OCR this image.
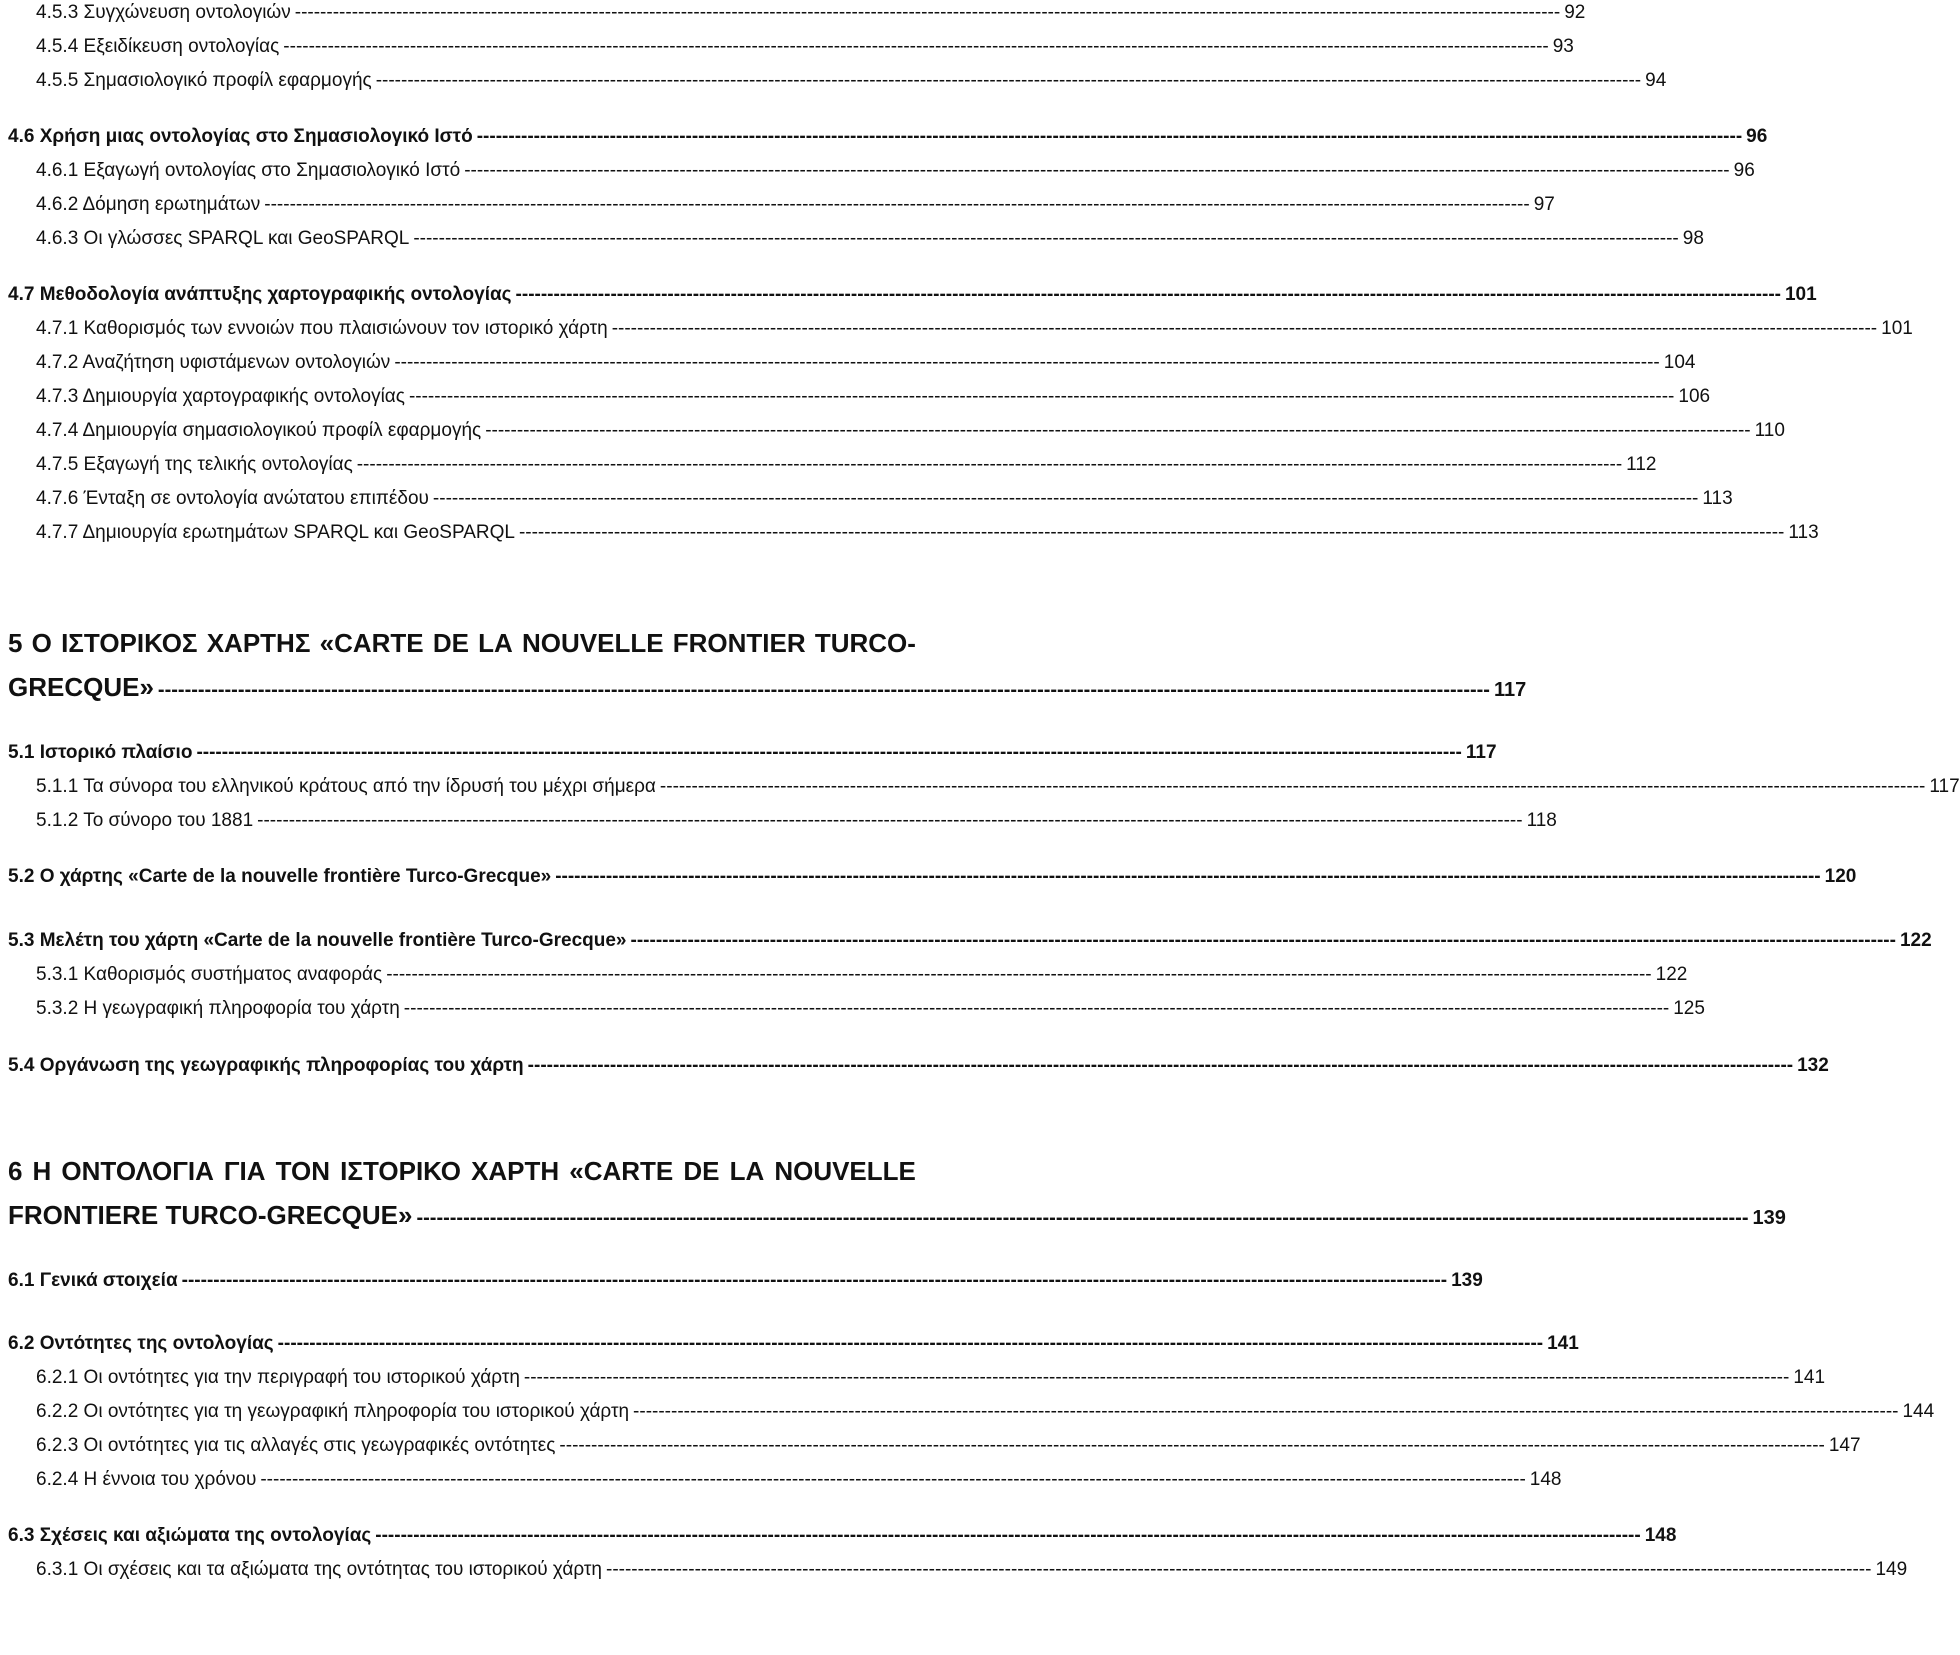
4.5.3 Συγχώνευση οντολογιών -------------------------------------------------------------------------------------------------------------------------------------------------------------------------------------------------------- 92
4.5.4 Εξειδίκευση οντολογίας -------------------------------------------------------------------------------------------------------------------------------------------------------------------------------------------------------- 93
4.5.5 Σημασιολογικό προφίλ εφαρμογής -------------------------------------------------------------------------------------------------------------------------------------------------------------------------------------------------------- 94
4.6 Χρήση μιας οντολογίας στο Σημασιολογικό Ιστό -------------------------------------------------------------------------------------------------------------------------------------------------------------------------------------------------------- 96
4.6.1 Εξαγωγή οντολογίας στο Σημασιολογικό Ιστό -------------------------------------------------------------------------------------------------------------------------------------------------------------------------------------------------------- 96
4.6.2 Δόμηση ερωτημάτων -------------------------------------------------------------------------------------------------------------------------------------------------------------------------------------------------------- 97
4.6.3 Οι γλώσσες SPARQL και GeoSPARQL -------------------------------------------------------------------------------------------------------------------------------------------------------------------------------------------------------- 98
4.7 Μεθοδολογία ανάπτυξης χαρτογραφικής οντολογίας -------------------------------------------------------------------------------------------------------------------------------------------------------------------------------------------------------- 101
4.7.1 Καθορισμός των εννοιών που πλαισιώνουν τον ιστορικό χάρτη -------------------------------------------------------------------------------------------------------------------------------------------------------------------------------------------------------- 101
4.7.2 Αναζήτηση υφιστάμενων οντολογιών -------------------------------------------------------------------------------------------------------------------------------------------------------------------------------------------------------- 104
4.7.3 Δημιουργία χαρτογραφικής οντολογίας -------------------------------------------------------------------------------------------------------------------------------------------------------------------------------------------------------- 106
4.7.4 Δημιουργία σημασιολογικού προφίλ εφαρμογής -------------------------------------------------------------------------------------------------------------------------------------------------------------------------------------------------------- 110
4.7.5 Εξαγωγή της τελικής οντολογίας -------------------------------------------------------------------------------------------------------------------------------------------------------------------------------------------------------- 112
4.7.6 Ένταξη σε οντολογία ανώτατου επιπέδου -------------------------------------------------------------------------------------------------------------------------------------------------------------------------------------------------------- 113
4.7.7 Δημιουργία ερωτημάτων SPARQL και GeoSPARQL -------------------------------------------------------------------------------------------------------------------------------------------------------------------------------------------------------- 113
5 Ο ΙΣΤΟΡΙΚΟΣ ΧΑΡΤΗΣ «CARTE DE LA NOUVELLE FRONTIER TURCO-
GRECQUE» -------------------------------------------------------------------------------------------------------------------------------------------------------------------------------------------------------- 117
5.1 Ιστορικό πλαίσιο -------------------------------------------------------------------------------------------------------------------------------------------------------------------------------------------------------- 117
5.1.1 Τα σύνορα του ελληνικού κράτους από την ίδρυσή του μέχρι σήμερα -------------------------------------------------------------------------------------------------------------------------------------------------------------------------------------------------------- 117
5.1.2 Το σύνορο του 1881 -------------------------------------------------------------------------------------------------------------------------------------------------------------------------------------------------------- 118
5.2 Ο χάρτης «Carte de la nouvelle frontière Turco-Grecque» -------------------------------------------------------------------------------------------------------------------------------------------------------------------------------------------------------- 120
5.3 Μελέτη του χάρτη «Carte de la nouvelle frontière Turco-Grecque» -------------------------------------------------------------------------------------------------------------------------------------------------------------------------------------------------------- 122
5.3.1 Καθορισμός συστήματος αναφοράς -------------------------------------------------------------------------------------------------------------------------------------------------------------------------------------------------------- 122
5.3.2 Η γεωγραφική πληροφορία του χάρτη -------------------------------------------------------------------------------------------------------------------------------------------------------------------------------------------------------- 125
5.4 Οργάνωση της γεωγραφικής πληροφορίας του χάρτη -------------------------------------------------------------------------------------------------------------------------------------------------------------------------------------------------------- 132
6 Η ΟΝΤΟΛΟΓΙΑ ΓΙΑ ΤΟΝ ΙΣΤΟΡΙΚΟ ΧΑΡΤΗ «CARTE DE LA NOUVELLE
FRONTIERE TURCO-GRECQUE» -------------------------------------------------------------------------------------------------------------------------------------------------------------------------------------------------------- 139
6.1 Γενικά στοιχεία -------------------------------------------------------------------------------------------------------------------------------------------------------------------------------------------------------- 139
6.2 Οντότητες της οντολογίας -------------------------------------------------------------------------------------------------------------------------------------------------------------------------------------------------------- 141
6.2.1 Οι οντότητες για την περιγραφή του ιστορικού χάρτη -------------------------------------------------------------------------------------------------------------------------------------------------------------------------------------------------------- 141
6.2.2 Οι οντότητες για τη γεωγραφική πληροφορία του ιστορικού χάρτη -------------------------------------------------------------------------------------------------------------------------------------------------------------------------------------------------------- 144
6.2.3 Οι οντότητες για τις αλλαγές στις γεωγραφικές οντότητες -------------------------------------------------------------------------------------------------------------------------------------------------------------------------------------------------------- 147
6.2.4 Η έννοια του χρόνου -------------------------------------------------------------------------------------------------------------------------------------------------------------------------------------------------------- 148
6.3 Σχέσεις και αξιώματα της οντολογίας -------------------------------------------------------------------------------------------------------------------------------------------------------------------------------------------------------- 148
6.3.1 Οι σχέσεις και τα αξιώματα της οντότητας του ιστορικού χάρτη -------------------------------------------------------------------------------------------------------------------------------------------------------------------------------------------------------- 149
